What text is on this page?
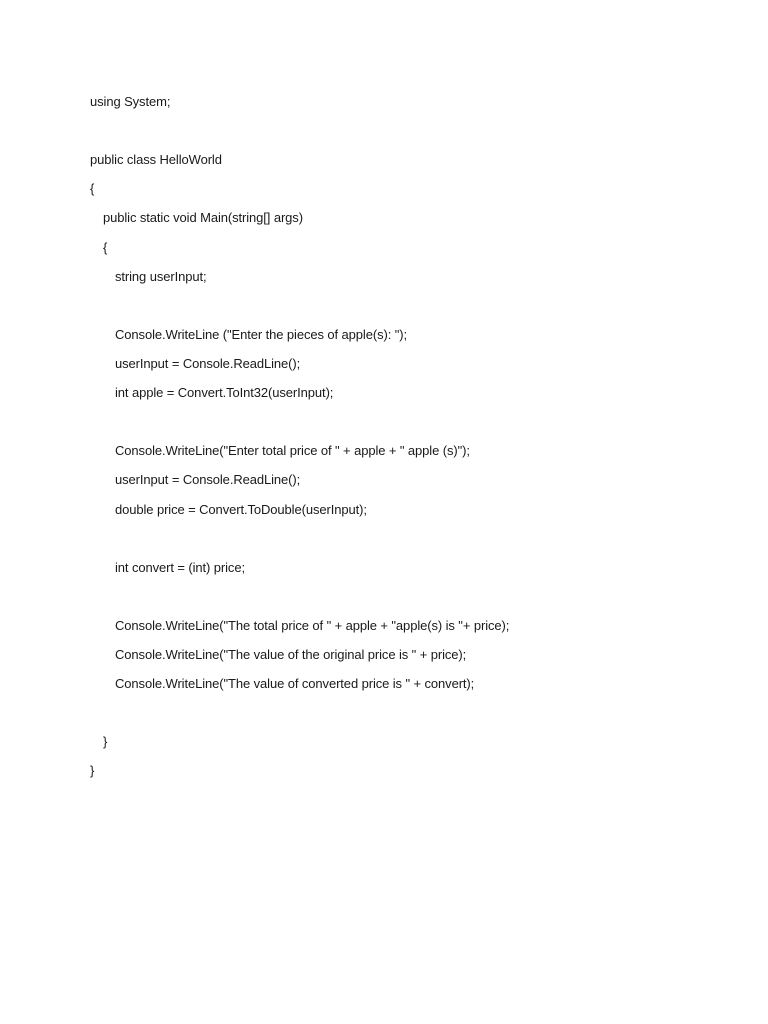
using System;
public class HelloWorld
{
public static void Main(string[] args)
{
string userInput;
Console.WriteLine ("Enter the pieces of apple(s): ");
userInput = Console.ReadLine();
int apple = Convert.ToInt32(userInput);
Console.WriteLine("Enter total price of " + apple + " apple (s)");
userInput = Console.ReadLine();
double price = Convert.ToDouble(userInput);
int convert = (int) price;
Console.WriteLine("The total price of " + apple + "apple(s) is "+ price);
Console.WriteLine("The value of the original price is " + price);
Console.WriteLine("The value of converted price is " + convert);
}
}
